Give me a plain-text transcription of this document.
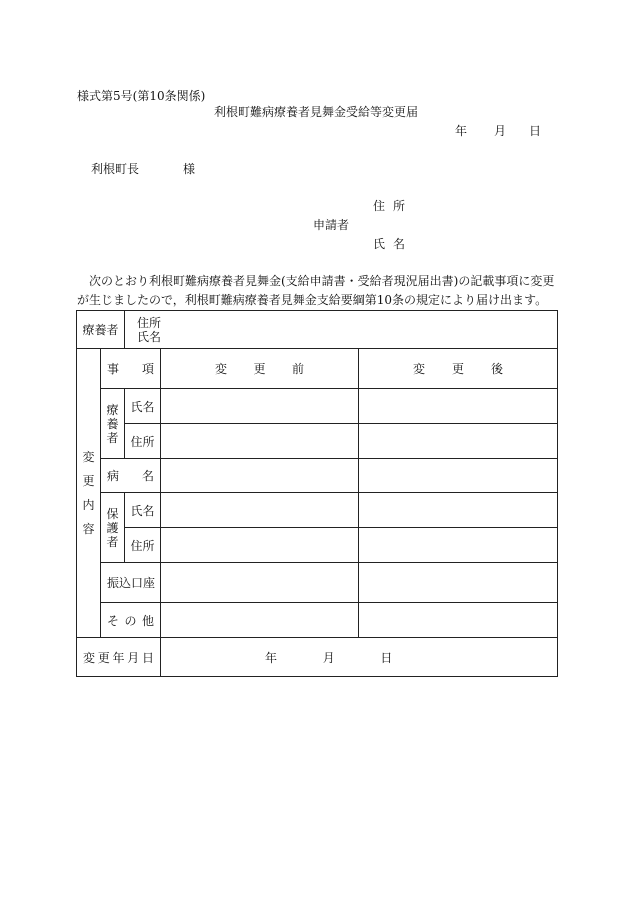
様式第5号(第10条関係)
利根町難病療養者見舞金受給等変更届
年 月 日
利根町長	様
住所
申請者
氏名
次のとおり利根町難病療養者見舞金(支給申請書・受給者現況届出書)の記載事項に変更
が生じましたので，利根町難病療養者見舞金支給要綱第10条の規定により届け出ます。
療養者		住所
氏名		

変更内容	事項		変更前	変更後
	療養者	氏名		
		住所		
	病名			
	保護者	氏名		
		住所		
	振込口座			
	その他			
変更年月日			年 月 日	
